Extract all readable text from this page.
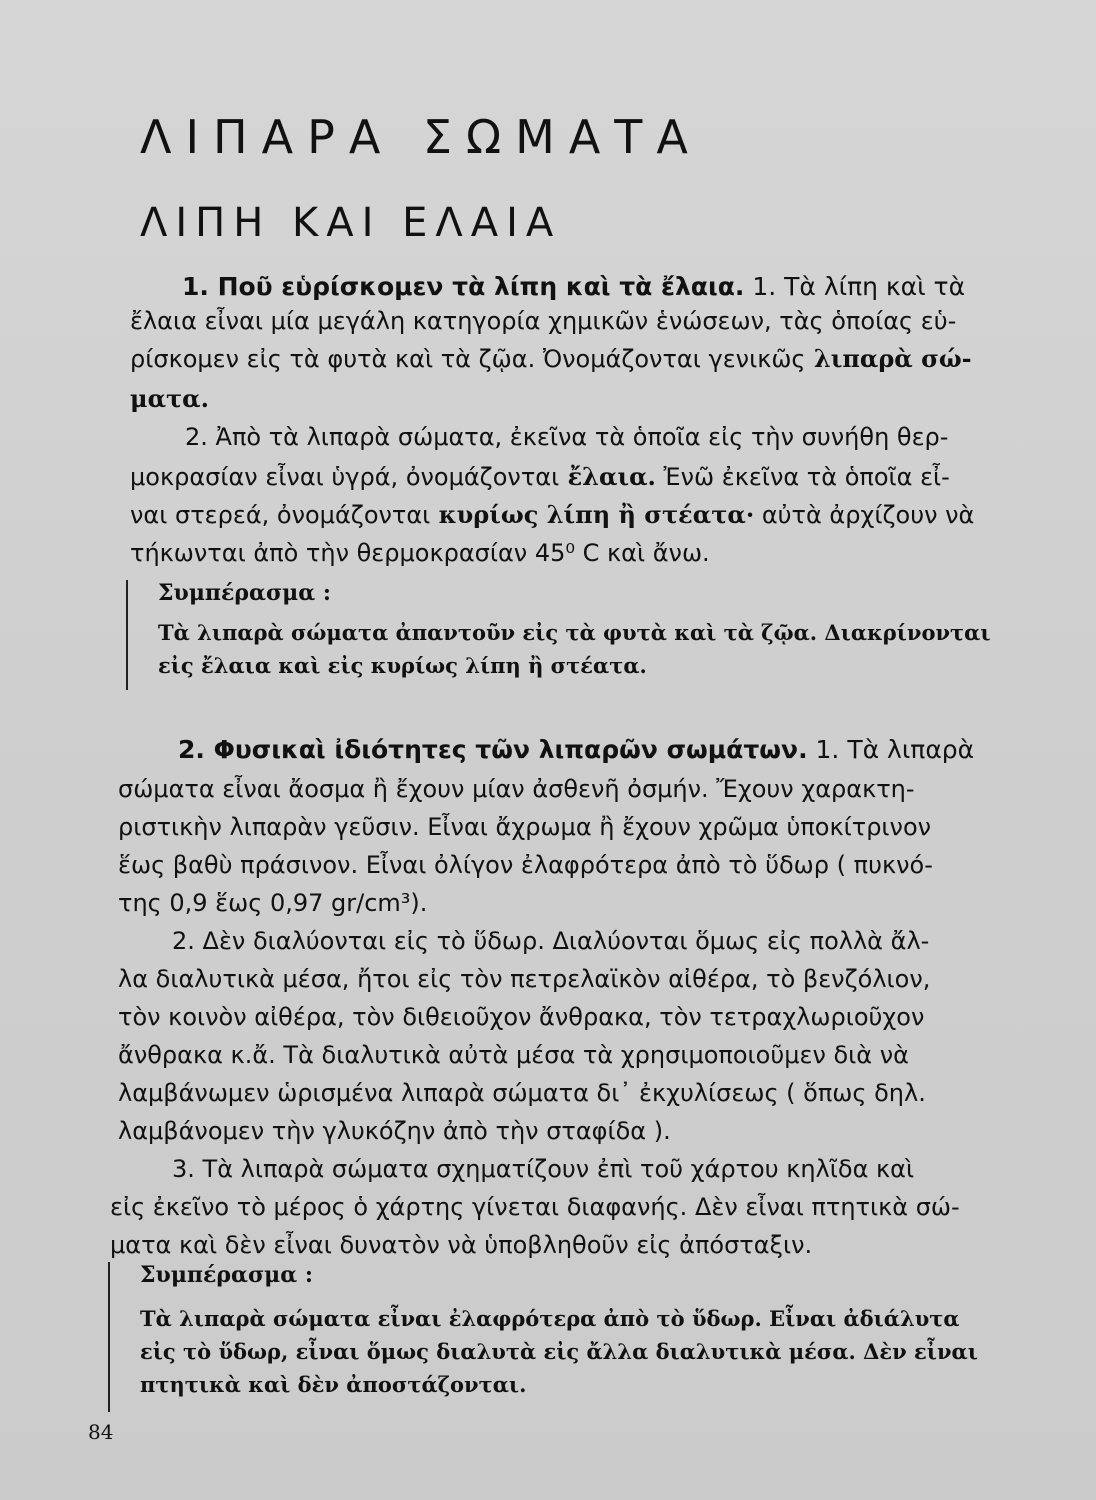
ΛΙΠΑΡΑ ΣΩΜΑΤΑ
ΛΙΠΗ ΚΑΙ ΕΛΑΙΑ
1. Ποῦ εὑρίσκομεν τὰ λίπη καὶ τὰ ἔλαια. 1. Τὰ λίπη καὶ τὰ
ἔλαια εἶναι μία μεγάλη κατηγορία χημικῶν ἑνώσεων, τὰς ὁποίας εὑ-
ρίσκομεν εἰς τὰ φυτὰ καὶ τὰ ζῷα. Ὀνομάζονται γενικῶς λιπαρὰ σώ-
ματα.
2. Ἀπὸ τὰ λιπαρὰ σώματα, ἐκεῖνα τὰ ὁποῖα εἰς τὴν συνήθη θερ-
μοκρασίαν εἶναι ὑγρά, ὀνομάζονται ἔλαια. Ἐνῶ ἐκεῖνα τὰ ὁποῖα εἶ-
ναι στερεά, ὀνομάζονται κυρίως λίπη ἢ στέατα· αὐτὰ ἀρχίζουν νὰ
τήκωνται ἀπὸ τὴν θερμοκρασίαν 45⁰ C καὶ ἄνω.
Συμπέρασμα :
Τὰ λιπαρὰ σώματα ἀπαντοῦν εἰς τὰ φυτὰ καὶ τὰ ζῷα. Διακρίνονται
εἰς ἔλαια καὶ εἰς κυρίως λίπη ἢ στέατα.
2. Φυσικαὶ ἰδιότητες τῶν λιπαρῶν σωμάτων. 1. Τὰ λιπαρὰ
σώματα εἶναι ἄοσμα ἢ ἔχουν μίαν ἀσθενῆ ὀσμήν. Ἔχουν χαρακτη-
ριστικὴν λιπαρὰν γεῦσιν. Εἶναι ἄχρωμα ἢ ἔχουν χρῶμα ὑποκίτρινον
ἕως βαθὺ πράσινον. Εἶναι ὀλίγον ἐλαφρότερα ἀπὸ τὸ ὕδωρ ( πυκνό-
της 0,9 ἕως 0,97 gr/cm³).
2. Δὲν διαλύονται εἰς τὸ ὕδωρ. Διαλύονται ὅμως εἰς πολλὰ ἄλ-
λα διαλυτικὰ μέσα, ἤτοι εἰς τὸν πετρελαϊκὸν αἰθέρα, τὸ βενζόλιον,
τὸν κοινὸν αἰθέρα, τὸν διθειοῦχον ἄνθρακα, τὸν τετραχλωριοῦχον
ἄνθρακα κ.ἄ. Τὰ διαλυτικὰ αὐτὰ μέσα τὰ χρησιμοποιοῦμεν διὰ νὰ
λαμβάνωμεν ὡρισμένα λιπαρὰ σώματα δι᾽ ἐκχυλίσεως ( ὅπως δηλ.
λαμβάνομεν τὴν γλυκόζην ἀπὸ τὴν σταφίδα ).
3. Τὰ λιπαρὰ σώματα σχηματίζουν ἐπὶ τοῦ χάρτου κηλῖδα καὶ
εἰς ἐκεῖνο τὸ μέρος ὁ χάρτης γίνεται διαφανής. Δὲν εἶναι πτητικὰ σώ-
ματα καὶ δὲν εἶναι δυνατὸν νὰ ὑποβληθοῦν εἰς ἀπόσταξιν.
Συμπέρασμα :
Τὰ λιπαρὰ σώματα εἶναι ἐλαφρότερα ἀπὸ τὸ ὕδωρ. Εἶναι ἀδιάλυτα
εἰς τὸ ὕδωρ, εἶναι ὅμως διαλυτὰ εἰς ἄλλα διαλυτικὰ μέσα. Δὲν εἶναι
πτητικὰ καὶ δὲν ἀποστάζονται.
84
